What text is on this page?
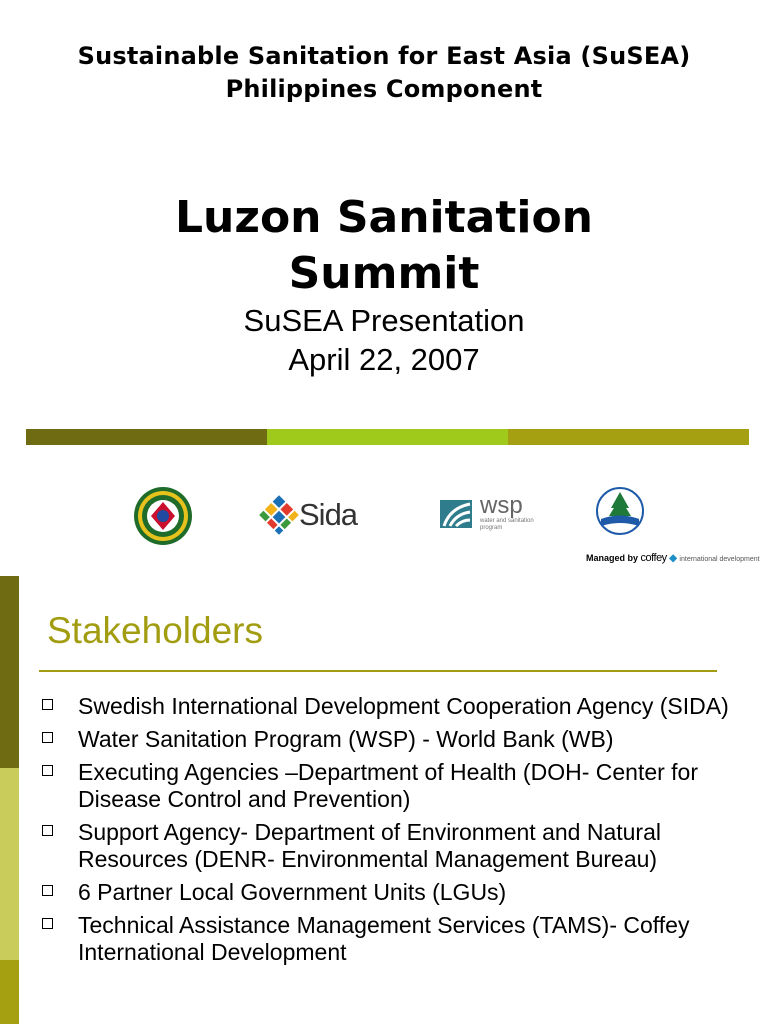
Sustainable Sanitation for East Asia (SuSEA)
Philippines Component
Luzon Sanitation
Summit
SuSEA Presentation
April 22, 2007
Sida	wsp
water and sanitation program
Managed by coffey ◆ international development
Stakeholders
Swedish International Development Cooperation Agency (SIDA)
Water Sanitation Program (WSP) - World Bank (WB)
Executing Agencies –Department of Health (DOH- Center for Disease Control and Prevention)
Support Agency- Department of Environment and Natural Resources (DENR- Environmental Management Bureau)
6 Partner Local Government Units (LGUs)
Technical Assistance Management Services (TAMS)- Coffey International Development
